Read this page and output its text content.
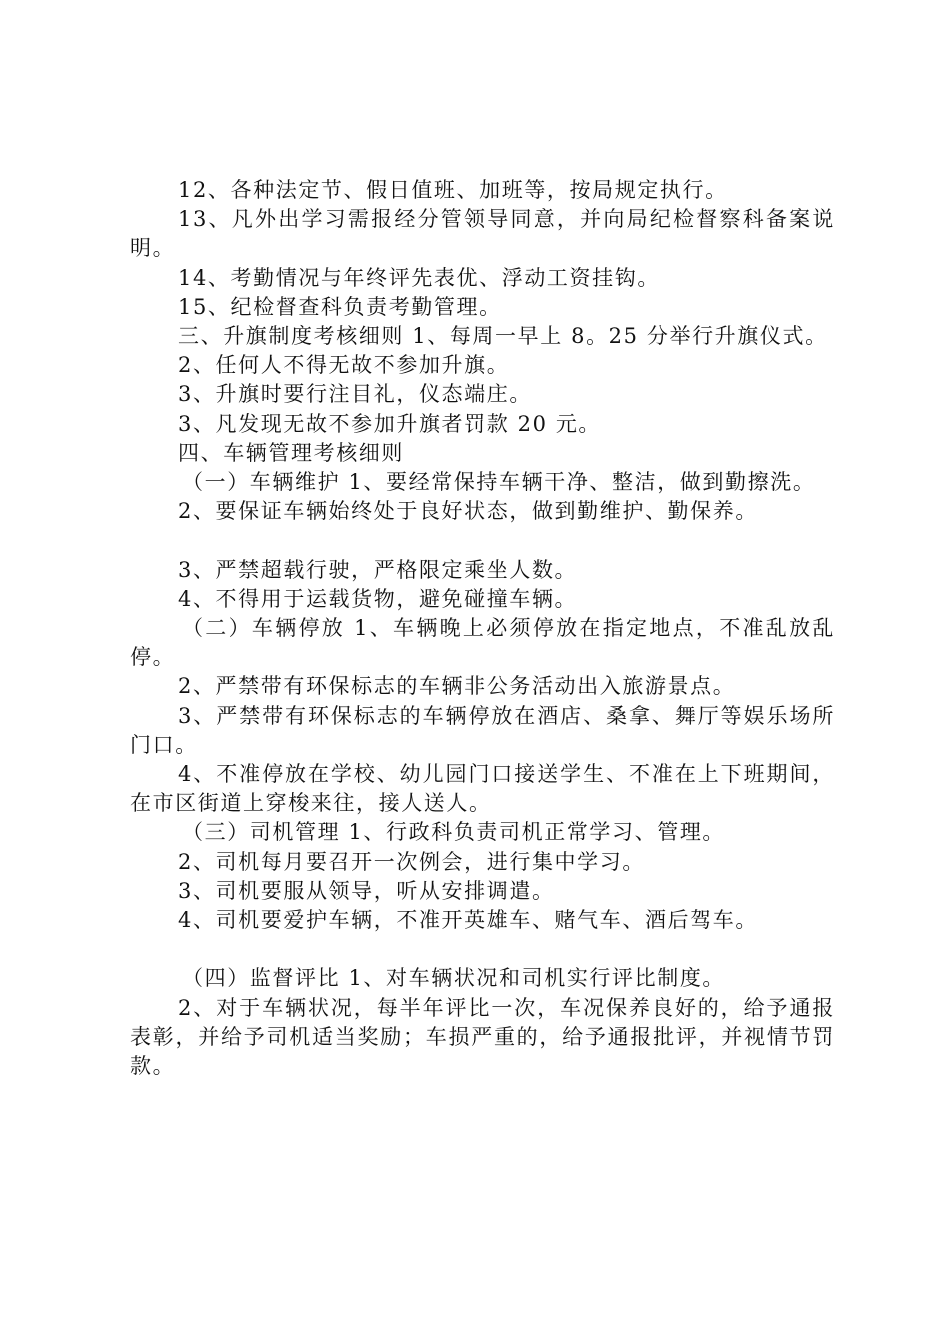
12、各种法定节、假日值班、加班等，按局规定执行。

13、凡外出学习需报经分管领导同意，并向局纪检督察科备案说明。

14、考勤情况与年终评先表优、浮动工资挂钩。

15、纪检督查科负责考勤管理。

三、升旗制度考核细则 1、每周一早上 8。25 分举行升旗仪式。

2、任何人不得无故不参加升旗。

3、升旗时要行注目礼，仪态端庄。

3、凡发现无故不参加升旗者罚款 20 元。

四、车辆管理考核细则

（一）车辆维护 1、要经常保持车辆干净、整洁，做到勤擦洗。

2、要保证车辆始终处于良好状态，做到勤维护、勤保养。

3、严禁超载行驶，严格限定乘坐人数。

4、不得用于运载货物，避免碰撞车辆。

（二）车辆停放 1、车辆晚上必须停放在指定地点，不准乱放乱停。

2、严禁带有环保标志的车辆非公务活动出入旅游景点。

3、严禁带有环保标志的车辆停放在酒店、桑拿、舞厅等娱乐场所门口。

4、不准停放在学校、幼儿园门口接送学生、不准在上下班期间，在市区街道上穿梭来往，接人送人。

（三）司机管理 1、行政科负责司机正常学习、管理。

2、司机每月要召开一次例会，进行集中学习。

3、司机要服从领导，听从安排调遣。

4、司机要爱护车辆，不准开英雄车、赌气车、酒后驾车。

（四）监督评比 1、对车辆状况和司机实行评比制度。

2、对于车辆状况，每半年评比一次，车况保养良好的，给予通报表彰，并给予司机适当奖励；车损严重的，给予通报批评，并视情节罚款。
